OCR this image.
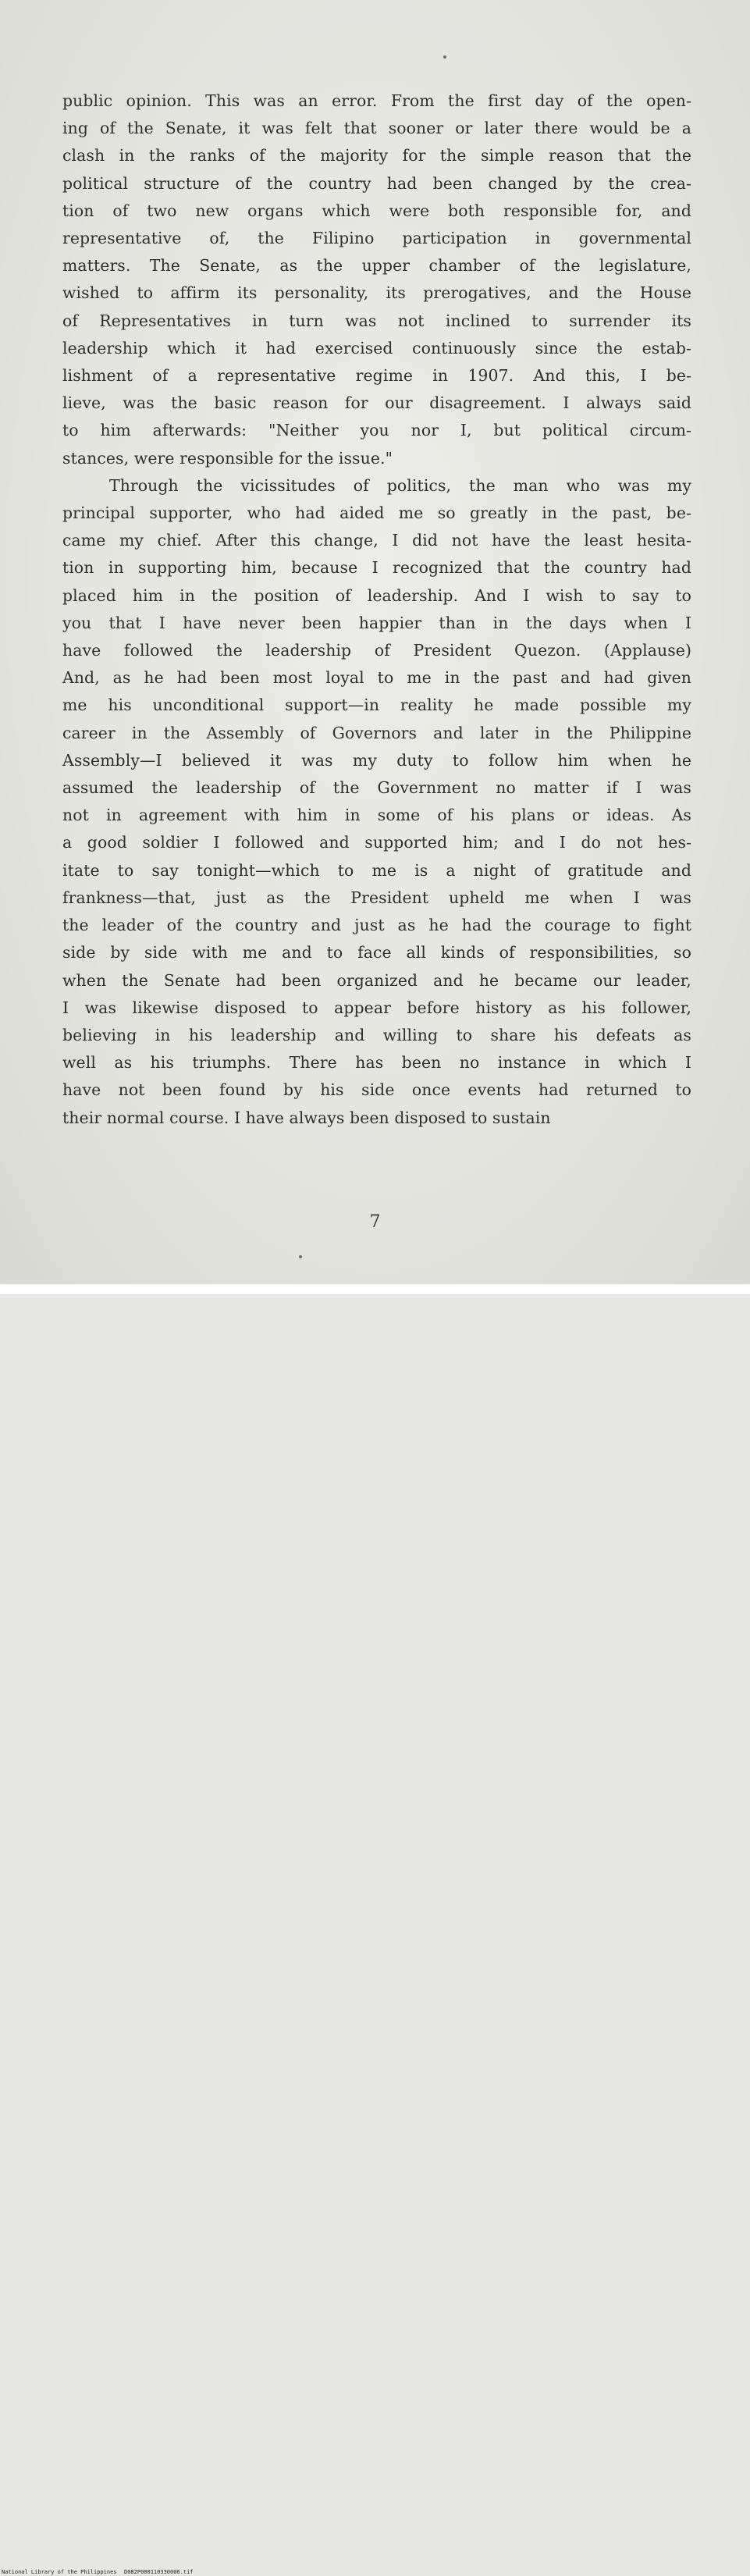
public opinion. This was an error. From the first day of the open-
ing of the Senate, it was felt that sooner or later there would be a
clash in the ranks of the majority for the simple reason that the
political structure of the country had been changed by the crea-
tion of two new organs which were both responsible for, and
representative of, the Filipino participation in governmental
matters. The Senate, as the upper chamber of the legislature,
wished to affirm its personality, its prerogatives, and the House
of Representatives in turn was not inclined to surrender its
leadership which it had exercised continuously since the estab-
lishment of a representative regime in 1907. And this, I be-
lieve, was the basic reason for our disagreement. I always said
to him afterwards: "Neither you nor I, but political circum-
stances, were responsible for the issue."

Through the vicissitudes of politics, the man who was my
principal supporter, who had aided me so greatly in the past, be-
came my chief. After this change, I did not have the least hesita-
tion in supporting him, because I recognized that the country had
placed him in the position of leadership. And I wish to say to
you that I have never been happier than in the days when I
have followed the leadership of President Quezon. (Applause)
And, as he had been most loyal to me in the past and had given
me his unconditional support—in reality he made possible my
career in the Assembly of Governors and later in the Philippine
Assembly—I believed it was my duty to follow him when he
assumed the leadership of the Government no matter if I was
not in agreement with him in some of his plans or ideas. As
a good soldier I followed and supported him; and I do not hes-
itate to say tonight—which to me is a night of gratitude and
frankness—that, just as the President upheld me when I was
the leader of the country and just as he had the courage to fight
side by side with me and to face all kinds of responsibilities, so
when the Senate had been organized and he became our leader,
I was likewise disposed to appear before history as his follower,
believing in his leadership and willing to share his defeats as
well as his triumphs. There has been no instance in which I
have not been found by his side once events had returned to
their normal course. I have always been disposed to sustain

7
National Library of the Philippines D082P000110330006.tif
